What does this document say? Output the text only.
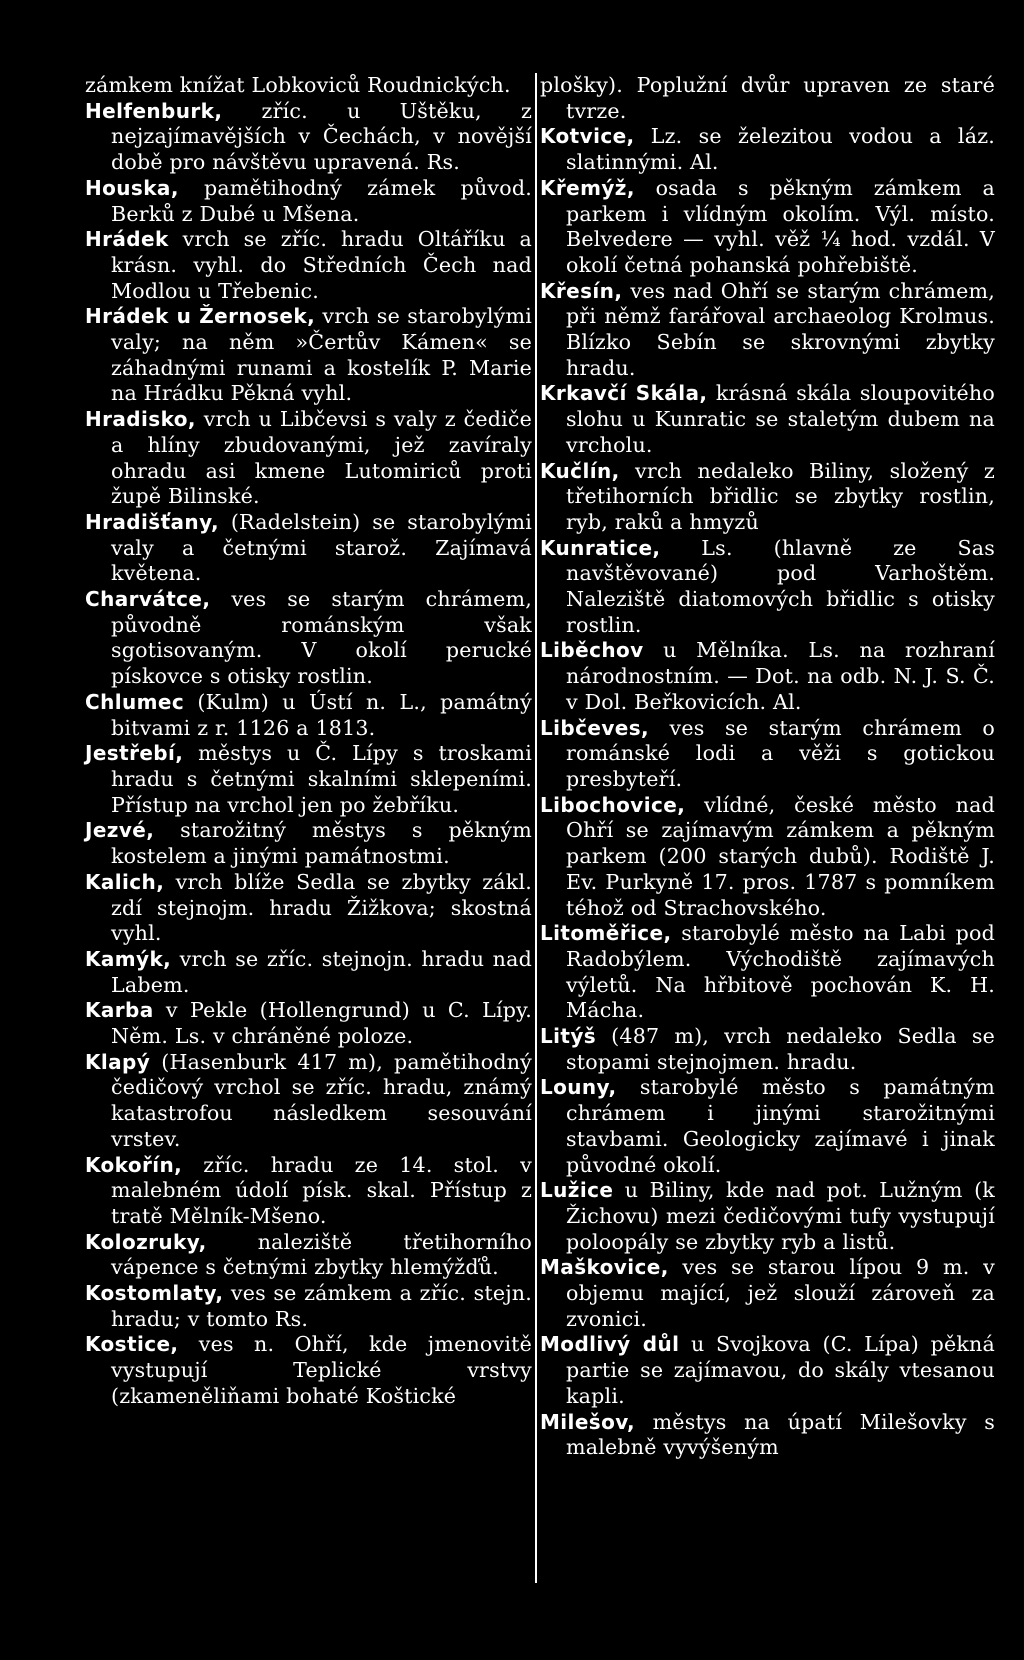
zámkem knížat Lobkoviců Roudnických.

Helfenburk, zříc. u Uštěku, z nejzajímavějších v Čechách, v novější době pro návštěvu upravená. Rs.

Houska, pamětihodný zámek původ. Berků z Dubé u Mšena.

Hrádek vrch se zříc. hradu Oltáříku a krásn. vyhl. do Středních Čech nad Modlou u Třebenic.

Hrádek u Žernosek, vrch se starobylými valy; na něm »Čertův Kámen« se záhadnými runami a kostelík P. Marie na Hrádku Pěkná vyhl.

Hradisko, vrch u Libčevsi s valy z čediče a hlíny zbudovanými, jež zavíraly ohradu asi kmene Lutomiriců proti župě Bilinské.

Hradišťany, (Radelstein) se starobylými valy a četnými starož. Zajímavá květena.

Charvátce, ves se starým chrámem, původně románským však sgotisovaným. V okolí perucké pískovce s otisky rostlin.

Chlumec (Kulm) u Ústí n. L., památný bitvami z r. 1126 a 1813.

Jestřebí, městys u Č. Lípy s troskami hradu s četnými skalními sklepeními. Přístup na vrchol jen po žebříku.

Jezvé, starožitný městys s pěkným kostelem a jinými památnostmi.

Kalich, vrch blíže Sedla se zbytky zákl. zdí stejnojm. hradu Žižkova; skostná vyhl.

Kamýk, vrch se zříc. stejnojn. hradu nad Labem.

Karba v Pekle (Hollengrund) u C. Lípy. Něm. Ls. v chráněné poloze.

Klapý (Hasenburk 417 m), pamětihodný čedičový vrchol se zříc. hradu, známý katastrofou následkem sesouvání vrstev.

Kokořín, zříc. hradu ze 14. stol. v malebném údolí písk. skal. Přístup z tratě Mělník-Mšeno.

Kolozruky, naleziště třetihorního vápence s četnými zbytky hlemýžďů.

Kostomlaty, ves se zámkem a zříc. stejn. hradu; v tomto Rs.

Kostice, ves n. Ohří, kde jmenovitě vystupují Teplické vrstvy (zkameněliňami bohaté Koštické

plošky). Poplužní dvůr upraven ze staré tvrze.

Kotvice, Lz. se železitou vodou a láz. slatinnými. Al.

Křemýž, osada s pěkným zámkem a parkem i vlídným okolím. Výl. místo. Belvedere — vyhl. věž ¼ hod. vzdál. V okolí četná pohanská pohřebiště.

Křesín, ves nad Ohří se starým chrámem, při němž farářoval archaeolog Krolmus. Blízko Sebín se skrovnými zbytky hradu.

Krkavčí Skála, krásná skála sloupovitého slohu u Kunratic se staletým dubem na vrcholu.

Kučlín, vrch nedaleko Biliny, složený z třetihorních břidlic se zbytky rostlin, ryb, raků a hmyzů

Kunratice, Ls. (hlavně ze Sas navštěvované) pod Varhoštěm. Naleziště diatomových břidlic s otisky rostlin.

Liběchov u Mělníka. Ls. na rozhraní národnostním. — Dot. na odb. N. J. S. Č. v Dol. Beřkovicích. Al.

Libčeves, ves se starým chrámem o románské lodi a věži s gotickou presbyteří.

Libochovice, vlídné, české město nad Ohří se zajímavým zámkem a pěkným parkem (200 starých dubů). Rodiště J. Ev. Purkyně 17. pros. 1787 s pomníkem téhož od Strachovského.

Litoměřice, starobylé město na Labi pod Radobýlem. Východiště zajímavých výletů. Na hřbitově pochován K. H. Mácha.

Litýš (487 m), vrch nedaleko Sedla se stopami stejnojmen. hradu.

Louny, starobylé město s památným chrámem i jinými starožitnými stavbami. Geologicky zajímavé i jinak původné okolí.

Lužice u Biliny, kde nad pot. Lužným (k Žichovu) mezi čedičovými tufy vystupují poloopály se zbytky ryb a listů.

Maškovice, ves se starou lípou 9 m. v objemu mající, jež slouží zároveň za zvonici.

Modlivý důl u Svojkova (C. Lípa) pěkná partie se zajímavou, do skály vtesanou kapli.

Milešov, městys na úpatí Milešovky s malebně vyvýšeným
